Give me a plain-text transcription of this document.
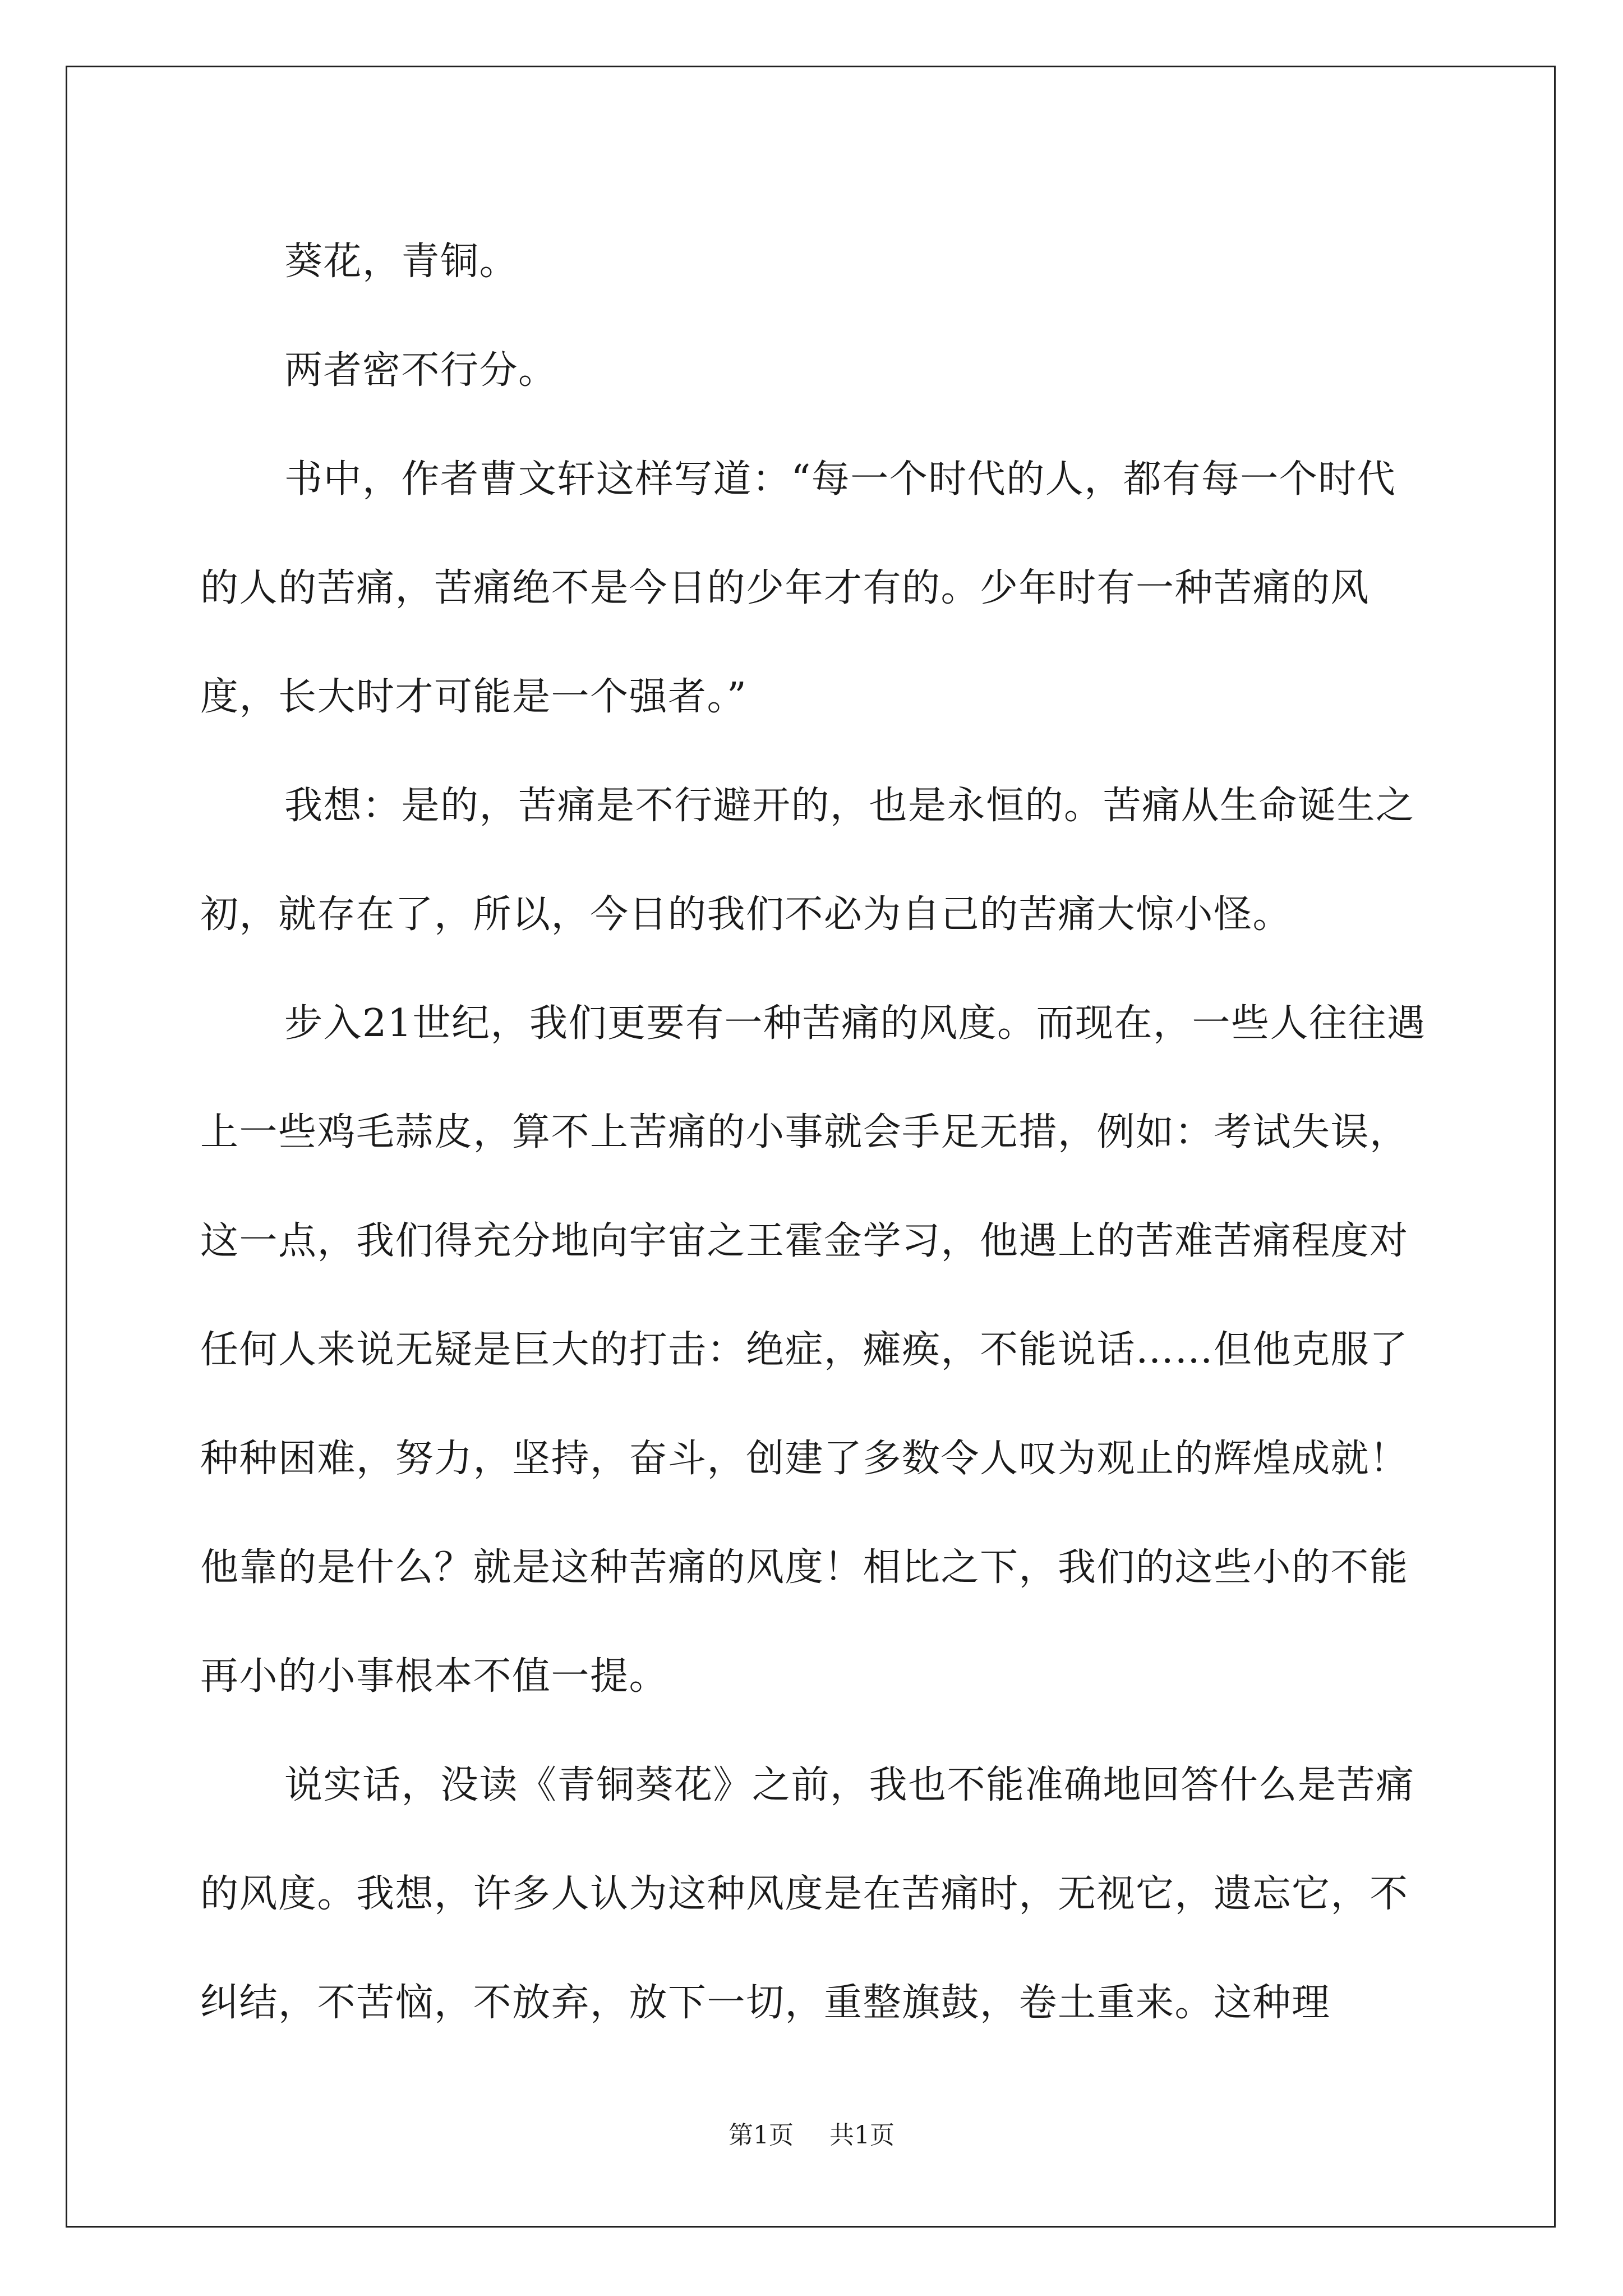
葵花，青铜。

两者密不行分。

书中，作者曹文轩这样写道：“每一个时代的人，都有每一个时代的人的苦痛，苦痛绝不是今日的少年才有的。少年时有一种苦痛的风度，长大时才可能是一个强者。”

我想：是的，苦痛是不行避开的，也是永恒的。苦痛从生命诞生之初，就存在了，所以，今日的我们不必为自己的苦痛大惊小怪。

步入21世纪，我们更要有一种苦痛的风度。而现在，一些人往往遇上一些鸡毛蒜皮，算不上苦痛的小事就会手足无措，例如：考试失误，这一点，我们得充分地向宇宙之王霍金学习，他遇上的苦难苦痛程度对任何人来说无疑是巨大的打击：绝症，瘫痪，不能说话……但他克服了种种困难，努力，坚持，奋斗，创建了多数令人叹为观止的辉煌成就！他靠的是什么？就是这种苦痛的风度！相比之下，我们的这些小的不能再小的小事根本不值一提。

说实话，没读《青铜葵花》之前，我也不能准确地回答什么是苦痛的风度。我想，许多人认为这种风度是在苦痛时，无视它，遗忘它，不纠结，不苦恼，不放弃，放下一切，重整旗鼓，卷土重来。这种理

第1页 共1页
